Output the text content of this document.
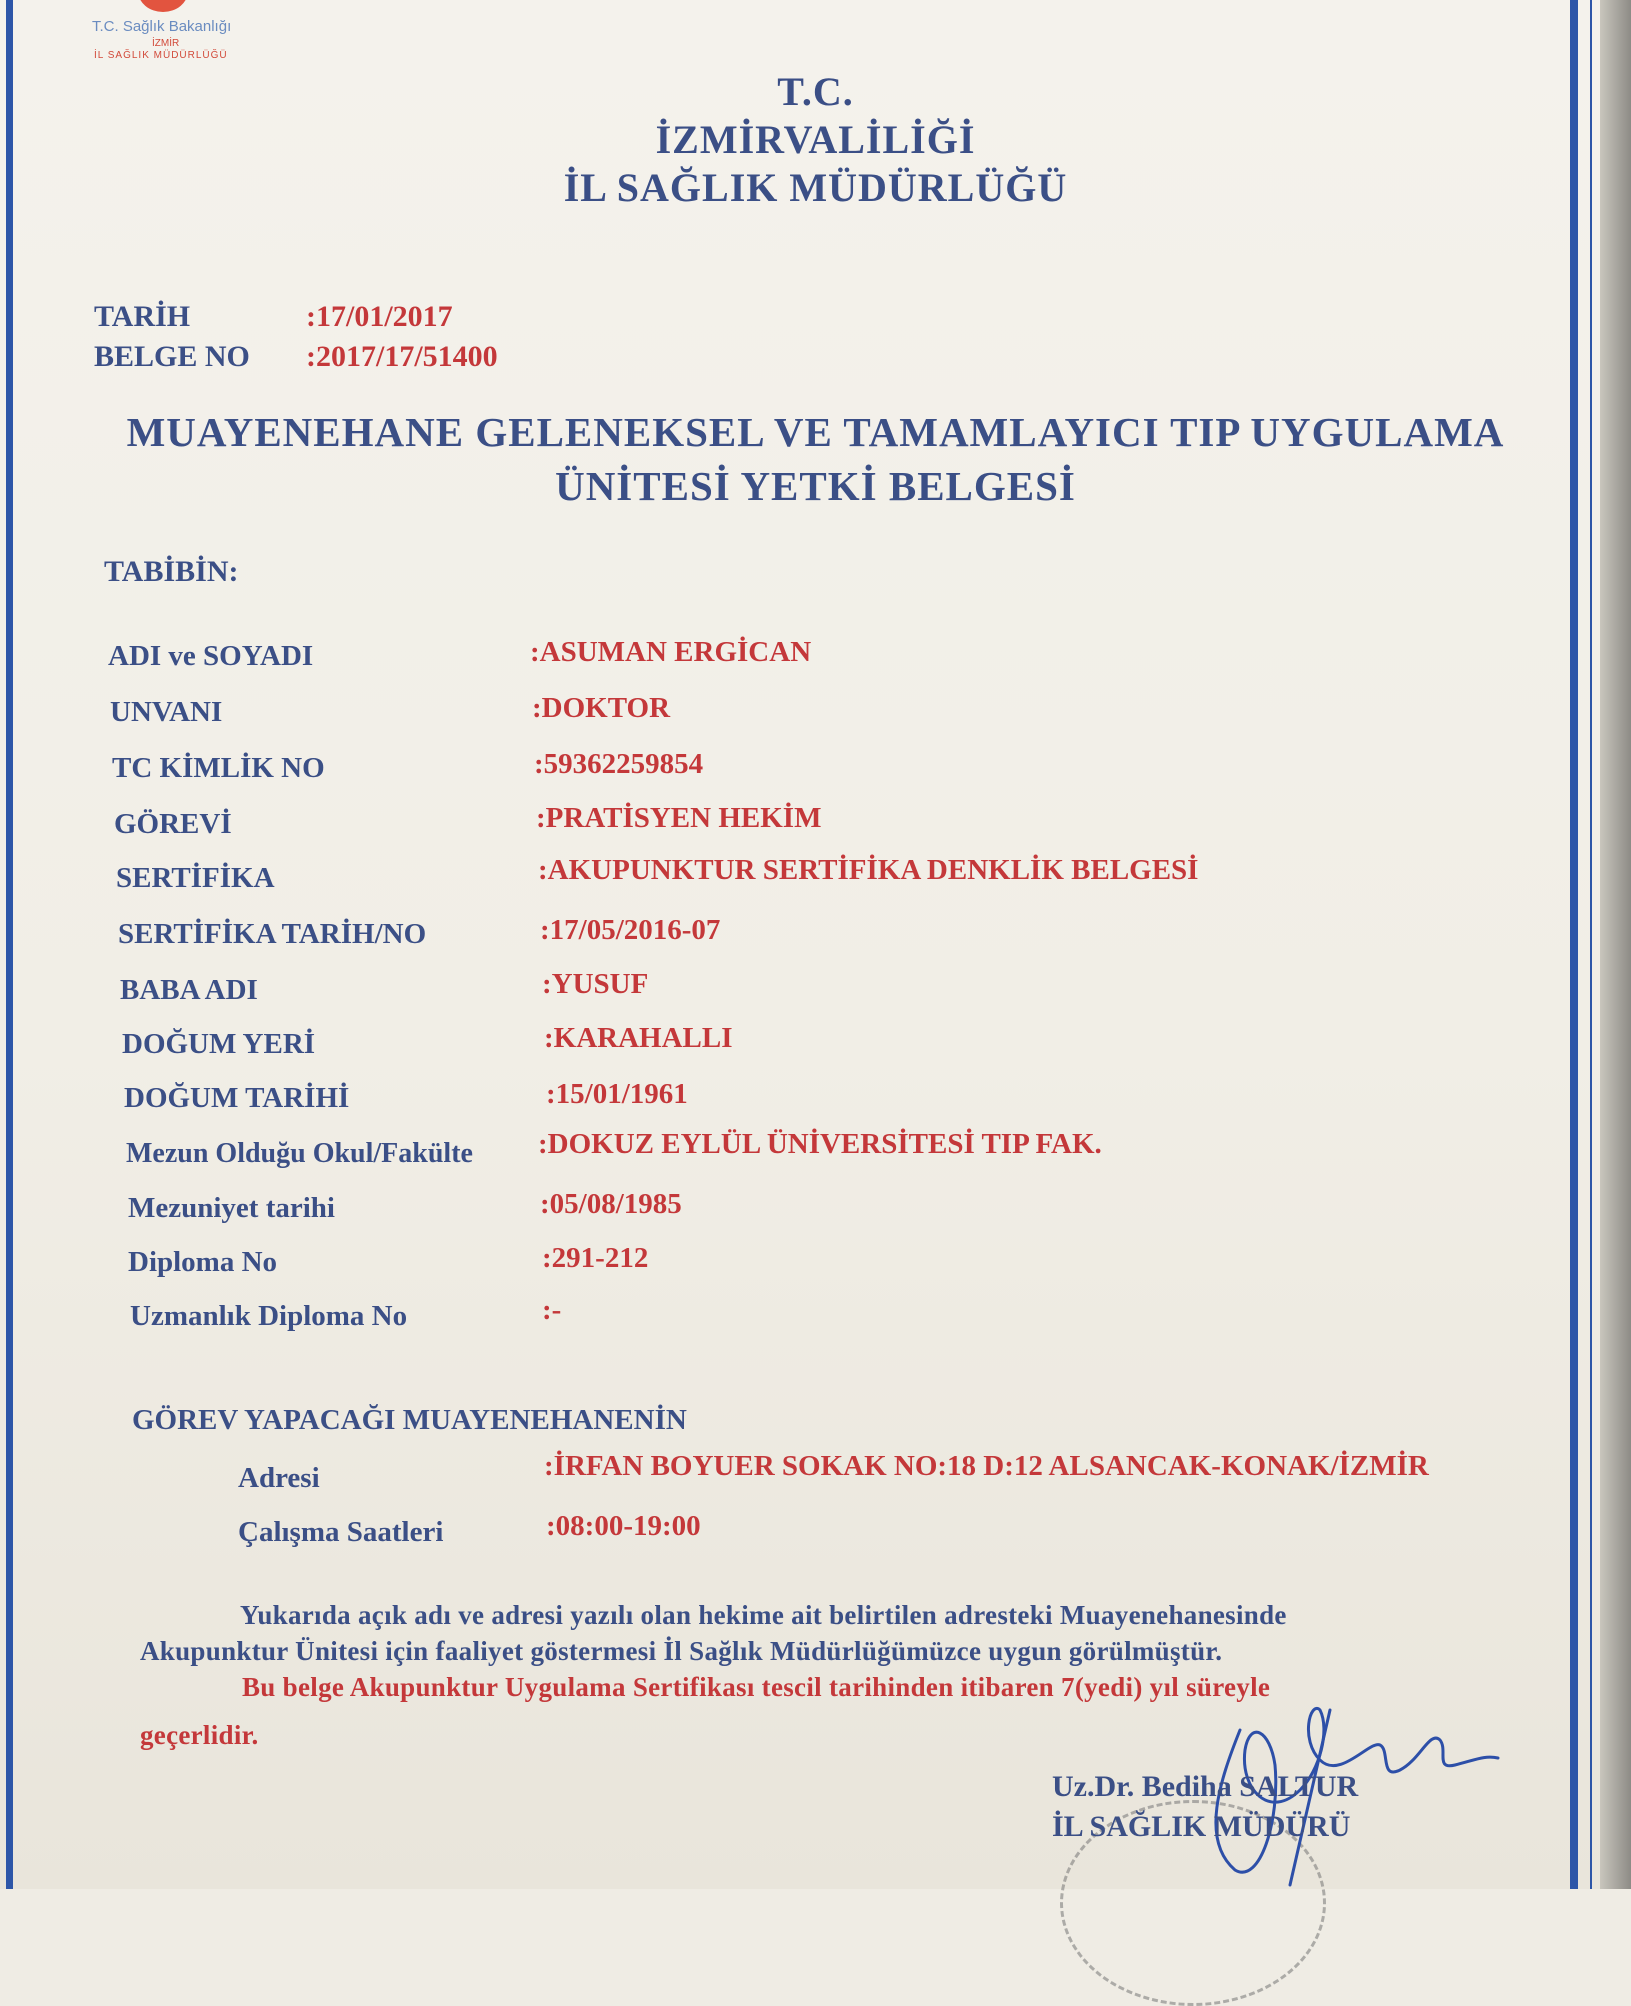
T.C. Sağlık Bakanlığı
İZMİR
İL SAĞLIK MÜDÜRLÜĞÜ
T.C.
İZMİRVALİLİĞİ
İL SAĞLIK MÜDÜRLÜĞÜ
TARİH	:17/01/2017
BELGE NO :2017/17/51400
MUAYENEHANE GELENEKSEL VE TAMAMLAYICI TIP UYGULAMA
ÜNİTESİ YETKİ BELGESİ
TABİBİN:
ADI ve SOYADI	:ASUMAN ERGİCAN
UNVANI	:DOKTOR
TC KİMLİK NO	:59362259854
GÖREVİ	:PRATİSYEN HEKİM
SERTİFİKA	:AKUPUNKTUR SERTİFİKA DENKLİK BELGESİ
SERTİFİKA TARİH/NO	:17/05/2016-07
BABA ADI	:YUSUF
DOĞUM YERİ	:KARAHALLI
DOĞUM TARİHİ	:15/01/1961
Mezun Olduğu Okul/Fakülte :DOKUZ EYLÜL ÜNİVERSİTESİ TIP FAK.
Mezuniyet tarihi	:05/08/1985
Diploma No	:291-212
Uzmanlık Diploma No	:-
GÖREV YAPACAĞI MUAYENEHANENİN
Adresi	:İRFAN BOYUER SOKAK NO:18 D:12 ALSANCAK-KONAK/İZMİR
Çalışma Saatleri	:08:00-19:00
Yukarıda açık adı ve adresi yazılı olan hekime ait belirtilen adresteki Muayenehanesinde
Akupunktur Ünitesi için faaliyet göstermesi İl Sağlık Müdürlüğümüzce uygun görülmüştür.
Bu belge Akupunktur Uygulama Sertifikası tescil tarihinden itibaren 7(yedi) yıl süreyle
geçerlidir.
Uz.Dr. Bediha SALTUR
İL SAĞLIK MÜDÜRÜ
